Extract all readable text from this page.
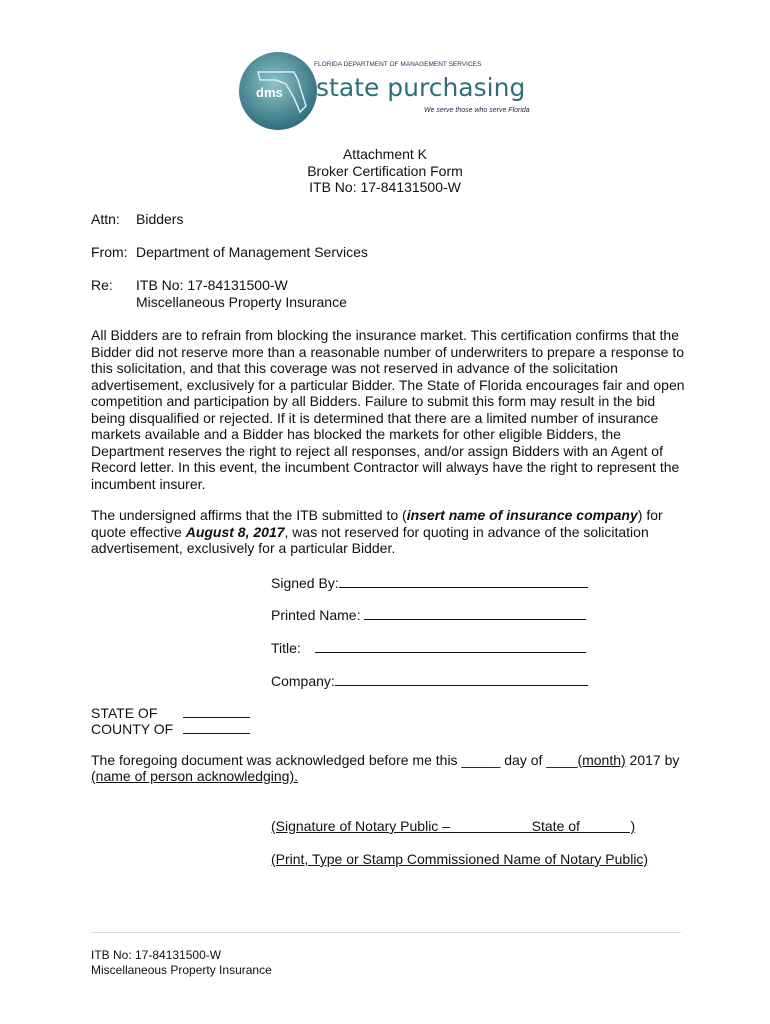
dms
FLORIDA DEPARTMENT OF MANAGEMENT SERVICES
state purchasing
We serve those who serve Florida
Attachment K
Broker Certification Form
ITB No: 17-84131500-W
Attn: Bidders
From: Department of Management Services
Re: ITB No: 17-84131500-W
Miscellaneous Property Insurance
All Bidders are to refrain from blocking the insurance market. This certification confirms that the
Bidder did not reserve more than a reasonable number of underwriters to prepare a response to
this solicitation, and that this coverage was not reserved in advance of the solicitation
advertisement, exclusively for a particular Bidder. The State of Florida encourages fair and open
competition and participation by all Bidders. Failure to submit this form may result in the bid
being disqualified or rejected. If it is determined that there are a limited number of insurance
markets available and a Bidder has blocked the markets for other eligible Bidders, the
Department reserves the right to reject all responses, and/or assign Bidders with an Agent of
Record letter. In this event, the incumbent Contractor will always have the right to represent the
incumbent insurer.
The undersigned affirms that the ITB submitted to (insert name of insurance company) for
quote effective August 8, 2017, was not reserved for quoting in advance of the solicitation
advertisement, exclusively for a particular Bidder.
Signed By:
Printed Name:
Title:
Company:
STATE OF
COUNTY OF
The foregoing document was acknowledged before me this _____ day of ____(month) 2017 by
(name of person acknowledging).
(Signature of Notary Public –                     State of             )
(Print, Type or Stamp Commissioned Name of Notary Public)
ITB No: 17-84131500-W
Miscellaneous Property Insurance
